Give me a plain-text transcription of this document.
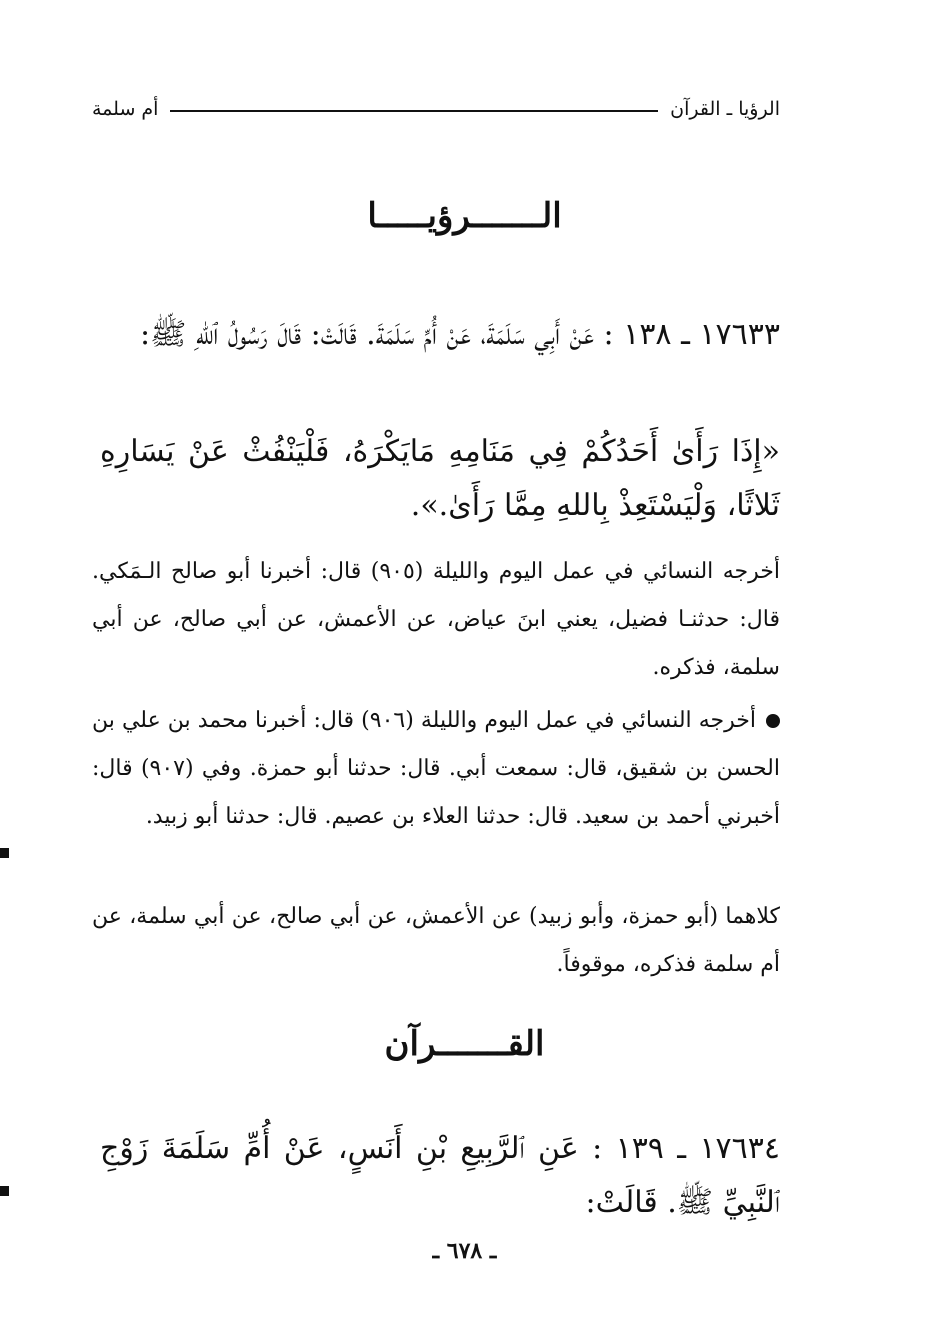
الرؤيا ـ القرآن
أم سلمة
الـــــــرؤيـــــا
١٧٦٣٣ ـ ١٣٨ : عَنْ أَبِي سَلَمَةَ، عَنْ أُمِّ سَلَمَةَ. قَالَتْ: قَالَ رَسُولُ ٱللهِ ﷺ:
«إِذَا رَأَىٰ أَحَدُكُمْ فِي مَنَامِهِ مَايَكْرَهُ، فَلْيَنْفُثْ عَنْ يَسَارِهِ ثَلاثًا، وَلْيَسْتَعِذْ بِاللهِ مِمَّا رَأَىٰ.».
أخرجه النسائي في عمل اليوم والليلة (٩٠٥) قال: أخبرنا أبو صالح الـمَكي. قال: حدثنـا فضيل، يعني ابنَ عياض، عن الأعمش، عن أبي صالح، عن أبي سلمة، فذكره.
أخرجه النسائي في عمل اليوم والليلة (٩٠٦) قال: أخبرنا محمد بن علي بن الحسن بن شقيق، قال: سمعت أبي. قال: حدثنا أبو حمزة. وفي (٩٠٧) قال: أخبرني أحمد بن سعيد. قال: حدثنا العلاء بن عصيم. قال: حدثنا أبو زبيد.
كلاهما (أبو حمزة، وأبو زبيد) عن الأعمش، عن أبي صالح، عن أبي سلمة، عن أم سلمة فذكره، موقوفاً.
القـــــــرآن
١٧٦٣٤ ـ ١٣٩ : عَنِ ٱلرَّبِيعِ بْنِ أَنَسٍ، عَنْ أُمِّ سَلَمَةَ زَوْجِ ٱلنَّبِيِّ ﷺ. قَالَتْ:
ـ ٦٧٨ ـ
